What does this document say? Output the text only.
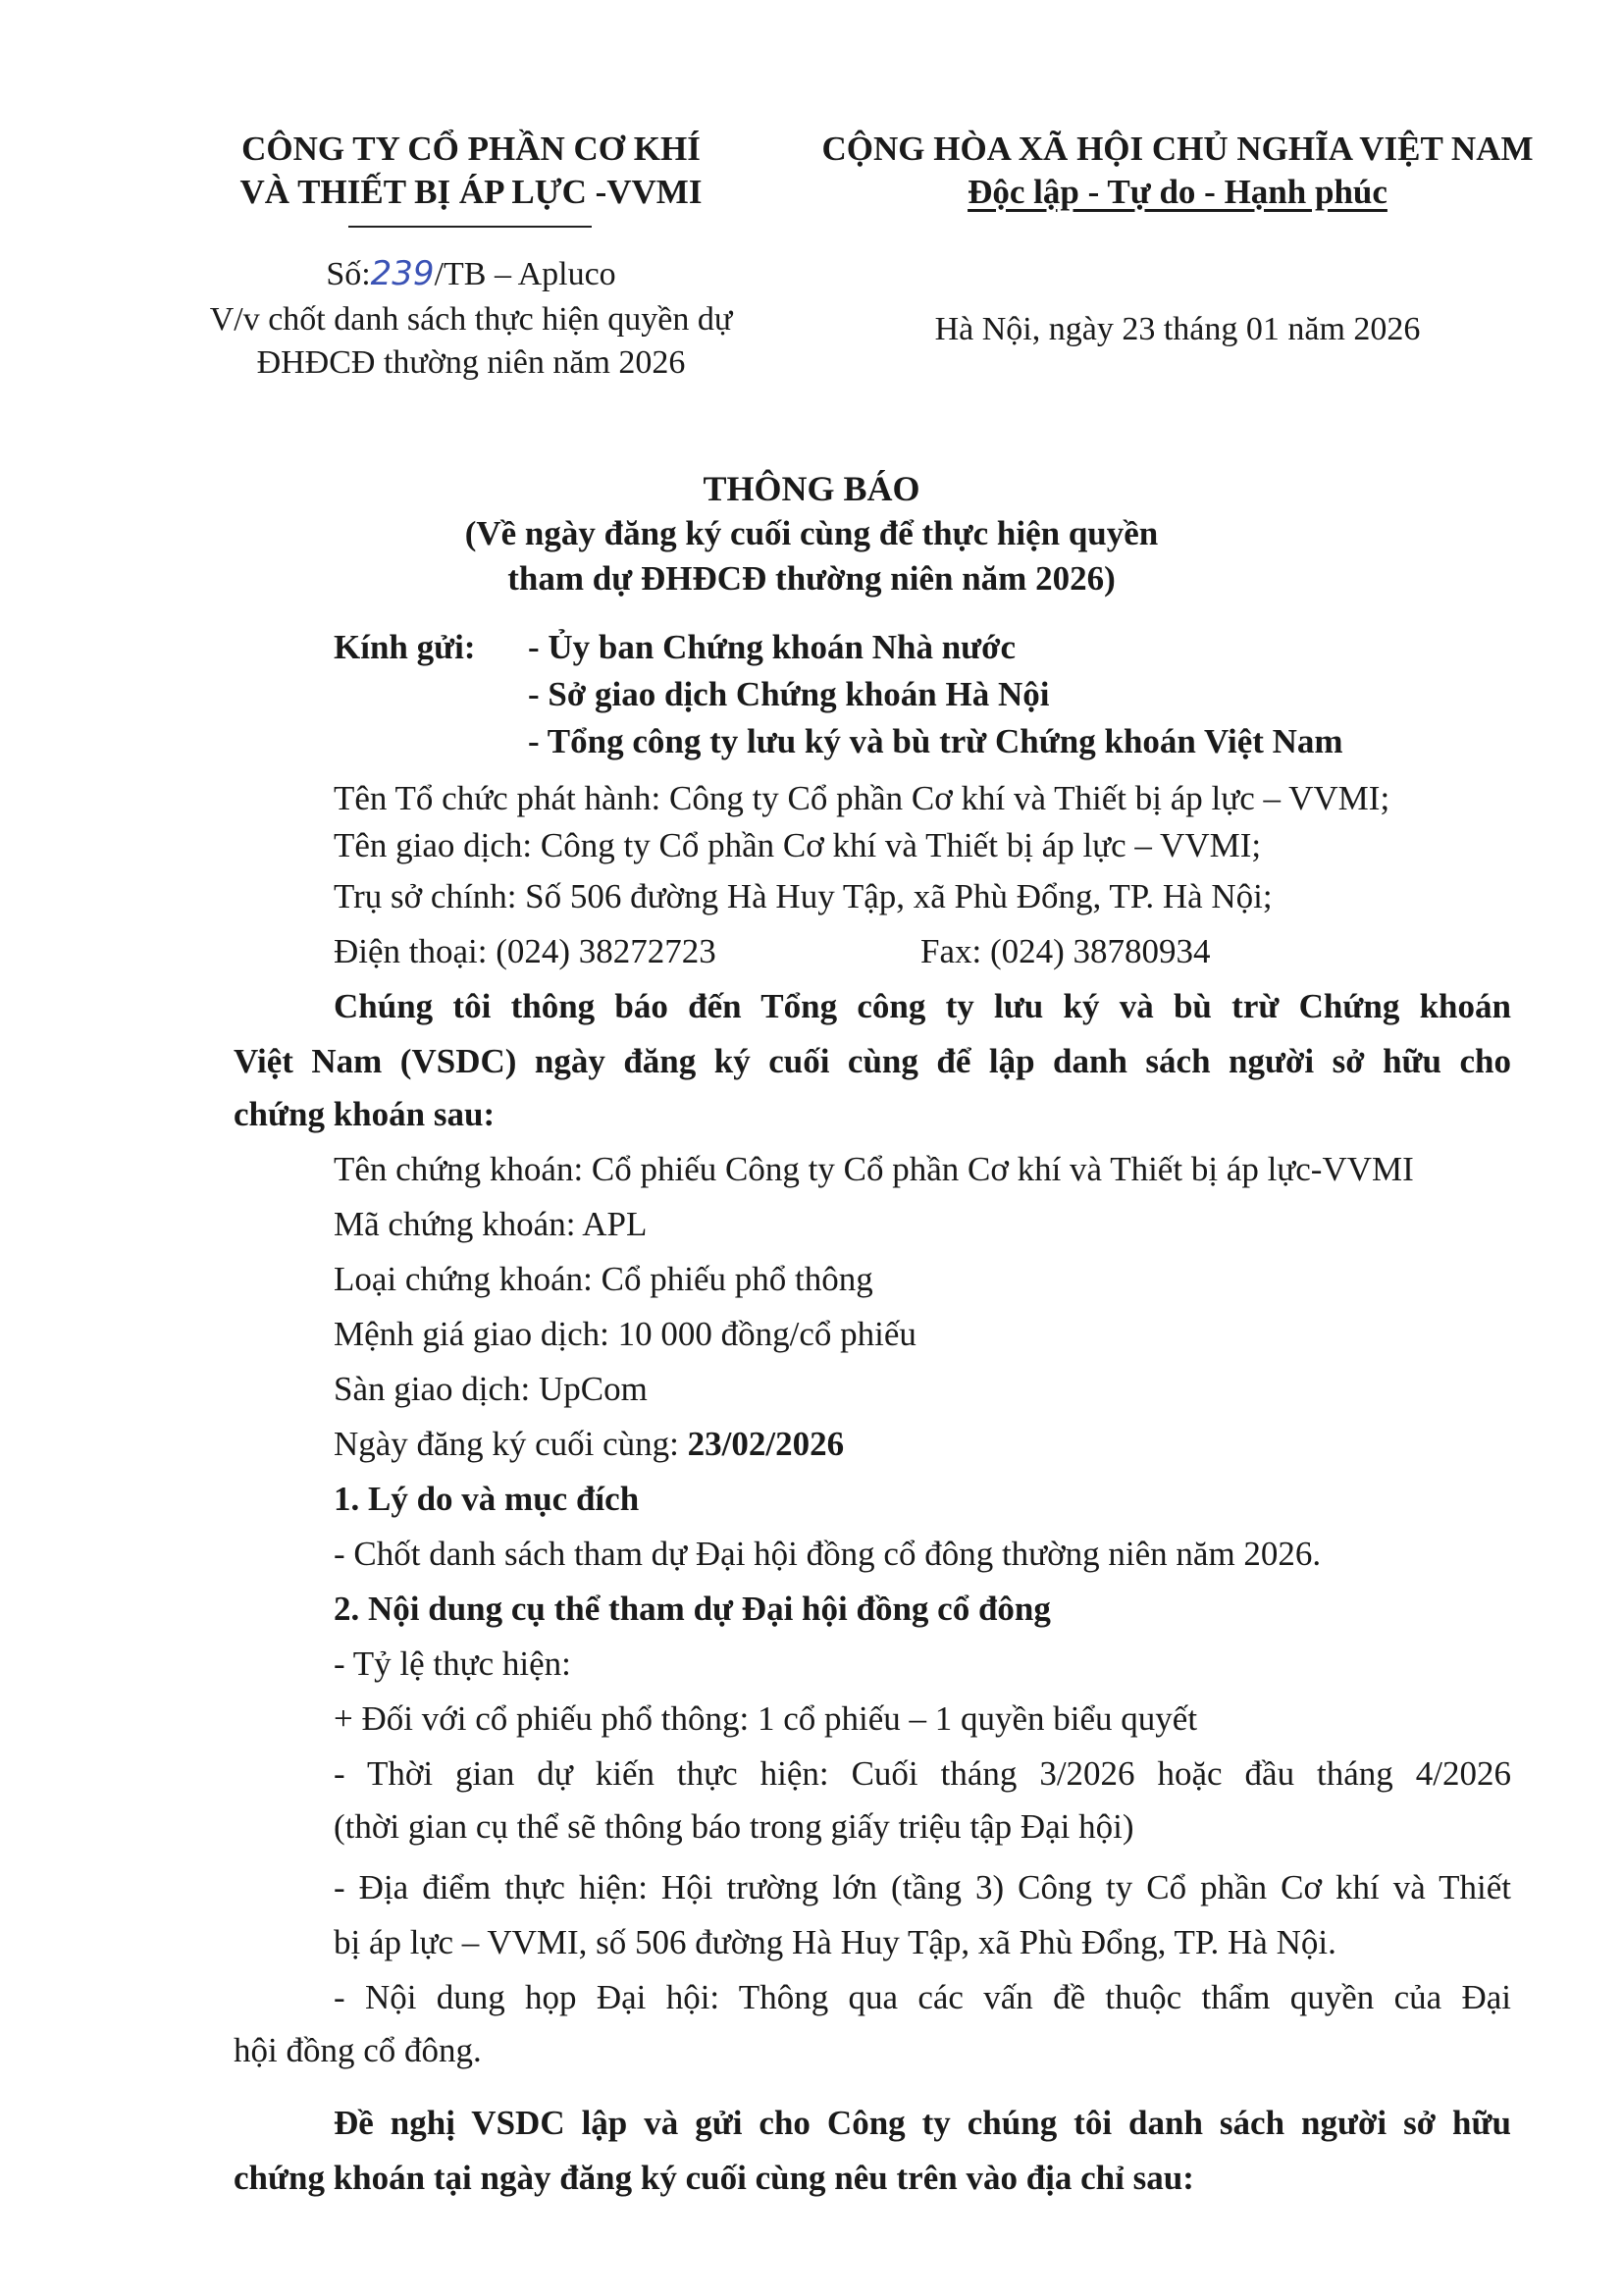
CÔNG TY CỔ PHẦN CƠ KHÍ
VÀ THIẾT BỊ ÁP LỰC -VVMI
Số:239/TB – Apluco
V/v chốt danh sách thực hiện quyền dự
ĐHĐCĐ thường niên năm 2026
CỘNG HÒA XÃ HỘI CHỦ NGHĨA VIỆT NAM
Độc lập - Tự do - Hạnh phúc
Hà Nội, ngày 23 tháng 01 năm 2026
THÔNG BÁO
(Về ngày đăng ký cuối cùng để thực hiện quyền
tham dự ĐHĐCĐ thường niên năm 2026)
Kính gửi: - Ủy ban Chứng khoán Nhà nước
- Sở giao dịch Chứng khoán Hà Nội
- Tổng công ty lưu ký và bù trừ Chứng khoán Việt Nam
Tên Tổ chức phát hành: Công ty Cổ phần Cơ khí và Thiết bị áp lực – VVMI;
Tên giao dịch: Công ty Cổ phần Cơ khí và Thiết bị áp lực – VVMI;
Trụ sở chính: Số 506 đường Hà Huy Tập, xã Phù Đổng, TP. Hà Nội;
Điện thoại: (024) 38272723	Fax: (024) 38780934
Chúng tôi thông báo đến Tổng công ty lưu ký và bù trừ Chứng khoán
Việt Nam (VSDC) ngày đăng ký cuối cùng để lập danh sách người sở hữu cho
chứng khoán sau:
Tên chứng khoán: Cổ phiếu Công ty Cổ phần Cơ khí và Thiết bị áp lực-VVMI
Mã chứng khoán: APL
Loại chứng khoán: Cổ phiếu phổ thông
Mệnh giá giao dịch: 10 000 đồng/cổ phiếu
Sàn giao dịch: UpCom
Ngày đăng ký cuối cùng: 23/02/2026
1. Lý do và mục đích
- Chốt danh sách tham dự Đại hội đồng cổ đông thường niên năm 2026.
2. Nội dung cụ thể tham dự Đại hội đồng cổ đông
- Tỷ lệ thực hiện:
+ Đối với cổ phiếu phổ thông: 1 cổ phiếu – 1 quyền biểu quyết
- Thời gian dự kiến thực hiện: Cuối tháng 3/2026 hoặc đầu tháng 4/2026
(thời gian cụ thể sẽ thông báo trong giấy triệu tập Đại hội)
- Địa điểm thực hiện: Hội trường lớn (tầng 3) Công ty Cổ phần Cơ khí và Thiết
bị áp lực – VVMI, số 506 đường Hà Huy Tập, xã Phù Đổng, TP. Hà Nội.
- Nội dung họp Đại hội: Thông qua các vấn đề thuộc thẩm quyền của Đại
hội đồng cổ đông.
Đề nghị VSDC lập và gửi cho Công ty chúng tôi danh sách người sở hữu
chứng khoán tại ngày đăng ký cuối cùng nêu trên vào địa chỉ sau:
